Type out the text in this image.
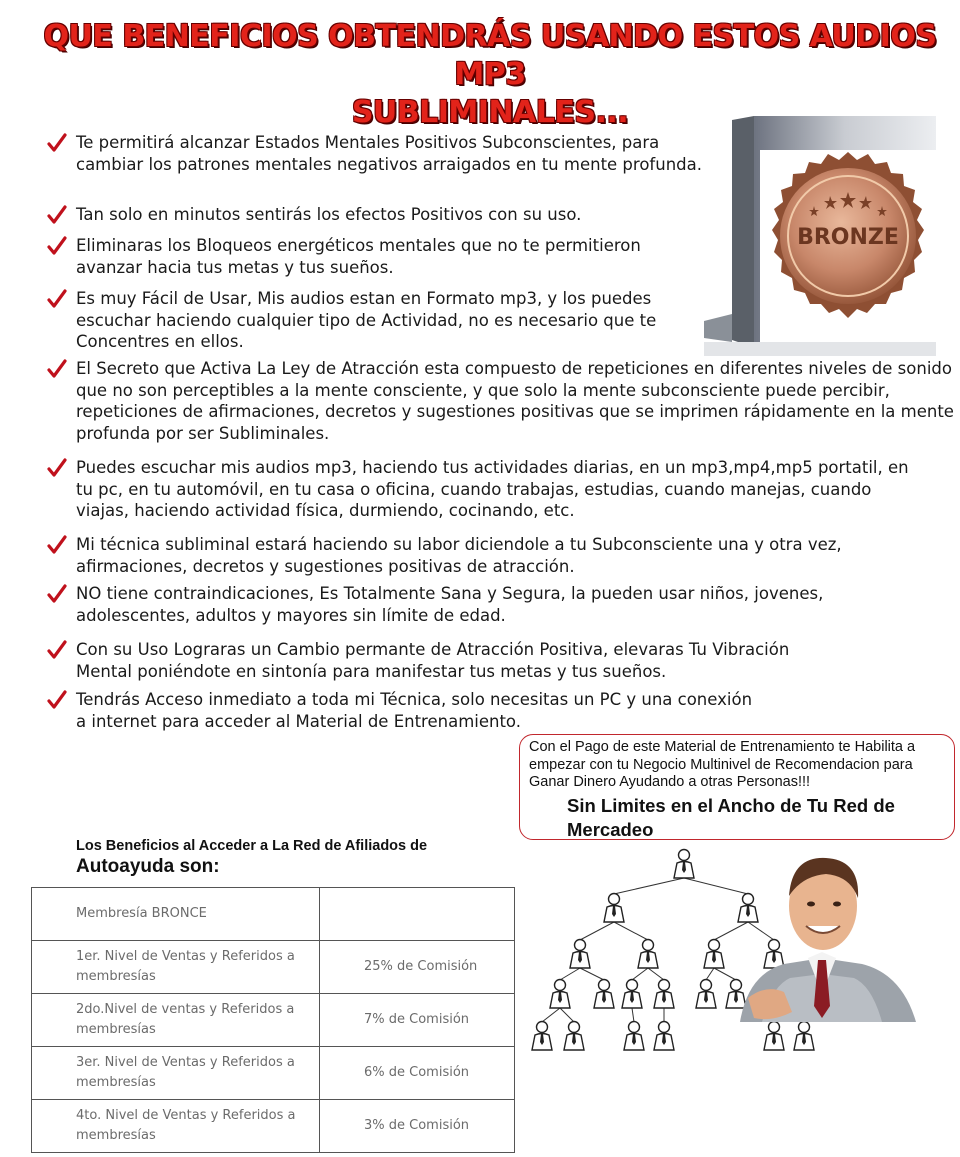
QUE BENEFICIOS OBTENDRÁS USANDO ESTOS AUDIOS MP3
SUBLIMINALES...
BRONZE
Te permitirá alcanzar Estados Mentales Positivos Subconscientes, para cambiar los patrones mentales negativos arraigados en tu mente profunda.
Tan solo en minutos sentirás los efectos Positivos con su uso.
Eliminaras los Bloqueos energéticos mentales que no te permitieron avanzar hacia tus metas y tus sueños.
Es muy Fácil de Usar, Mis audios estan en Formato mp3, y los puedes escuchar haciendo cualquier tipo de Actividad, no es necesario que te Concentres en ellos.
El Secreto que Activa La Ley de Atracción esta compuesto de repeticiones en diferentes niveles de sonido que no son perceptibles a la mente consciente, y que solo la mente subconsciente puede percibir, repeticiones de afirmaciones, decretos y sugestiones positivas que se imprimen rápidamente en la mente profunda por ser Subliminales.
Puedes escuchar mis audios mp3, haciendo tus actividades diarias, en un mp3,mp4,mp5 portatil, en tu pc, en tu automóvil, en tu casa o oficina, cuando trabajas, estudias, cuando manejas, cuando viajas, haciendo actividad física, durmiendo, cocinando, etc.
Mi técnica subliminal estará haciendo su labor diciendole a tu Subconsciente una y otra vez, afirmaciones, decretos y sugestiones positivas de atracción.
NO tiene contraindicaciones, Es Totalmente Sana y Segura, la pueden usar niños, jovenes, adolescentes, adultos y mayores sin límite de edad.
Con su Uso Lograras un Cambio permante de Atracción Positiva, elevaras Tu Vibración Mental poniéndote en sintonía para manifestar tus metas y tus sueños.
Tendrás Acceso inmediato a toda mi Técnica, solo necesitas un PC y una conexión a internet para acceder al Material de Entrenamiento.
Con el Pago de este Material de Entrenamiento te Habilita a empezar con tu Negocio Multinivel de Recomendacion para Ganar Dinero Ayudando a otras Personas!!!
Sin Limites en el Ancho de Tu Red de Mercadeo
Los Beneficios al Acceder a La Red de Afiliados de
Autoayuda son:
Membresía BRONCE	
1er. Nivel de Ventas y Referidos a membresías	25% de Comisión
2do.Nivel de ventas y Referidos a membresías	7% de Comisión
3er. Nivel de Ventas y Referidos a membresías	6% de Comisión
4to. Nivel de Ventas y Referidos a membresías	3% de Comisión
